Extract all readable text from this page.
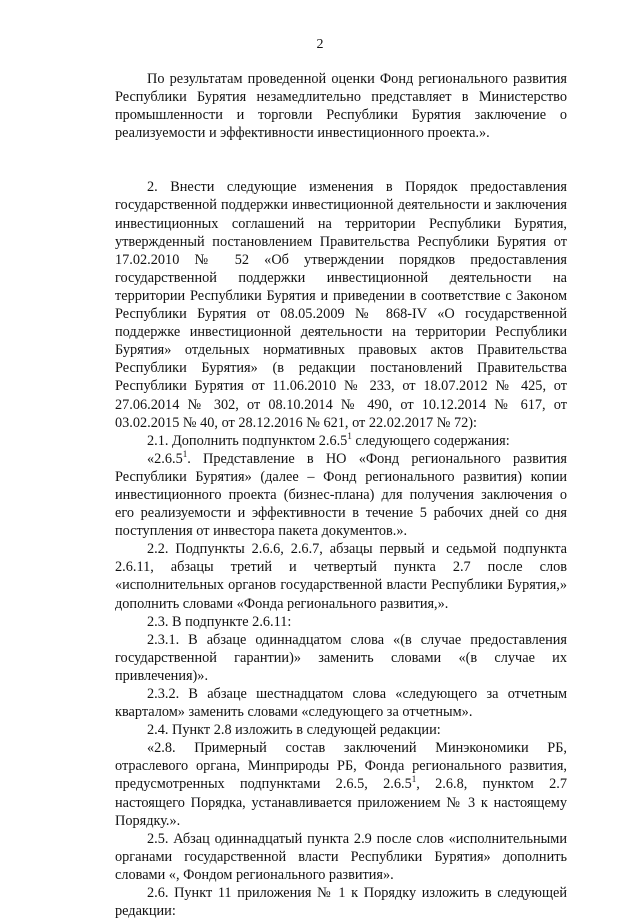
2

По результатам проведенной оценки Фонд регионального развития Республики Бурятия незамедлительно представляет в Министерство промышленности и торговли Республики Бурятия заключение о реализуемости и эффективности инвестиционного проекта.».

2. Внести следующие изменения в Порядок предоставления государственной поддержки инвестиционной деятельности и заключения инвестиционных соглашений на территории Республики Бурятия, утвержденный постановлением Правительства Республики Бурятия от 17.02.2010 № 52 «Об утверждении порядков предоставления государственной поддержки инвестиционной деятельности на территории Республики Бурятия и приведении в соответствие с Законом Республики Бурятия от 08.05.2009 № 868-IV «О государственной поддержке инвестиционной деятельности на территории Республики Бурятия» отдельных нормативных правовых актов Правительства Республики Бурятия» (в редакции постановлений Правительства Республики Бурятия от 11.06.2010 № 233, от 18.07.2012 № 425, от 27.06.2014 № 302, от 08.10.2014 № 490, от 10.12.2014 № 617, от 03.02.2015 № 40, от 28.12.2016 № 621, от 22.02.2017 № 72):

2.1. Дополнить подпунктом 2.6.5$^1$ следующего содержания:

«2.6.5$^1$. Представление в НО «Фонд регионального развития Республики Бурятия» (далее – Фонд регионального развития) копии инвестиционного проекта (бизнес-плана) для получения заключения о его реализуемости и эффективности в течение 5 рабочих дней со дня поступления от инвестора пакета документов.».

2.2. Подпункты 2.6.6, 2.6.7, абзацы первый и седьмой подпункта 2.6.11, абзацы третий и четвертый пункта 2.7 после слов «исполнительных органов государственной власти Республики Бурятия,» дополнить словами «Фонда регионального развития,».

2.3. В подпункте 2.6.11:

2.3.1. В абзаце одиннадцатом слова «(в случае предоставления государственной гарантии)» заменить словами «(в случае их привлечения)».

2.3.2. В абзаце шестнадцатом слова «следующего за отчетным кварталом» заменить словами «следующего за отчетным».

2.4. Пункт 2.8 изложить в следующей редакции:

«2.8. Примерный состав заключений Минэкономики РБ, отраслевого органа, Минприроды РБ, Фонда регионального развития, предусмотренных подпунктами 2.6.5, 2.6.5$^1$, 2.6.8, пунктом 2.7 настоящего Порядка, устанавливается приложением № 3 к настоящему Порядку.».

2.5. Абзац одиннадцатый пункта 2.9 после слов «исполнительными органами государственной власти Республики Бурятия» дополнить словами «, Фондом регионального развития».

2.6. Пункт 11 приложения № 1 к Порядку изложить в следующей редакции:
